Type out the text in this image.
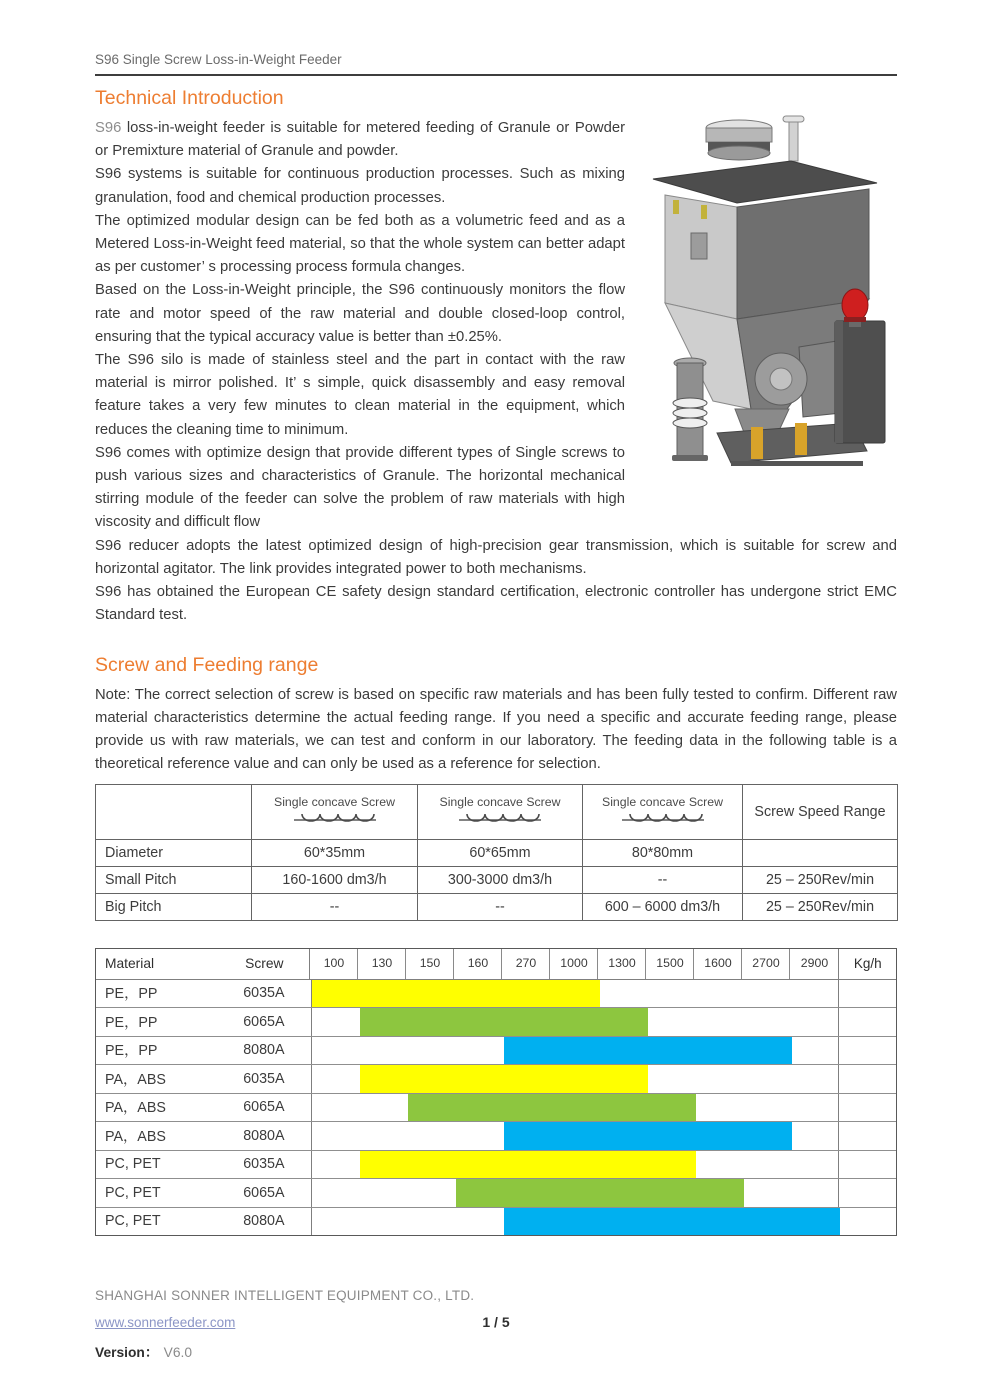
S96 Single Screw Loss-in-Weight Feeder
Technical Introduction

S96 loss-in-weight feeder is suitable for metered feeding of Granule or Powder or Premixture material of Granule and powder.

S96 systems is suitable for continuous production processes. Such as mixing granulation, food and chemical production processes.

The optimized modular design can be fed both as a volumetric feed and as a Metered Loss-in-Weight feed material, so that the whole system can better adapt as per customer’ s processing process formula changes.

Based on the Loss-in-Weight principle, the S96 continuously monitors the flow rate and motor speed of the raw material and double closed-loop control, ensuring that the typical accuracy value is better than ±0.25%.

The S96 silo is made of stainless steel and the part in contact with the raw material is mirror polished. It’ s simple, quick disassembly and easy removal feature takes a very few minutes to clean material in the equipment, which reduces the cleaning time to minimum.

S96 comes with optimize design that provide different types of Single screws to push various sizes and characteristics of Granule. The horizontal mechanical stirring module of the feeder can solve the problem of raw materials with high viscosity and difficult flow

S96 reducer adopts the latest optimized design of high-precision gear transmission, which is suitable for screw and horizontal agitator. The link provides integrated power to both mechanisms.

S96 has obtained the European CE safety design standard certification, electronic controller has undergone strict EMC Standard test.

Screw and Feeding range

Note: The correct selection of screw is based on specific raw materials and has been fully tested to confirm. Different raw material characteristics determine the actual feeding range. If you need a specific and accurate feeding range, please provide us with raw materials, we can test and conform in our laboratory. The feeding data in the following table is a theoretical reference value and can only be used as a reference for selection.

	Single concave Screw	Single concave Screw	Single concave Screw	Screw Speed Range
Diameter	60*35mm	60*65mm	80*80mm	
Small Pitch	160-1600 dm3/h	300-3000 dm3/h	--	25 – 250Rev/min
Big Pitch	--	--	600 – 6000 dm3/h	25 – 250Rev/min
Material	Screw	100	130	150	160	270	1000	1300	1500	1600	2700	2900	Kg/h
PE，PP	6035A
PE，PP	6065A
PE，PP	8080A
PA，ABS	6035A
PA，ABS	6065A
PA，ABS	8080A
PC, PET	6035A
PC, PET	6065A
PC, PET	8080A
SHANGHAI SONNER INTELLIGENT EQUIPMENT CO., LTD.
www.sonnerfeeder.com	1 / 5
Version： V6.0
